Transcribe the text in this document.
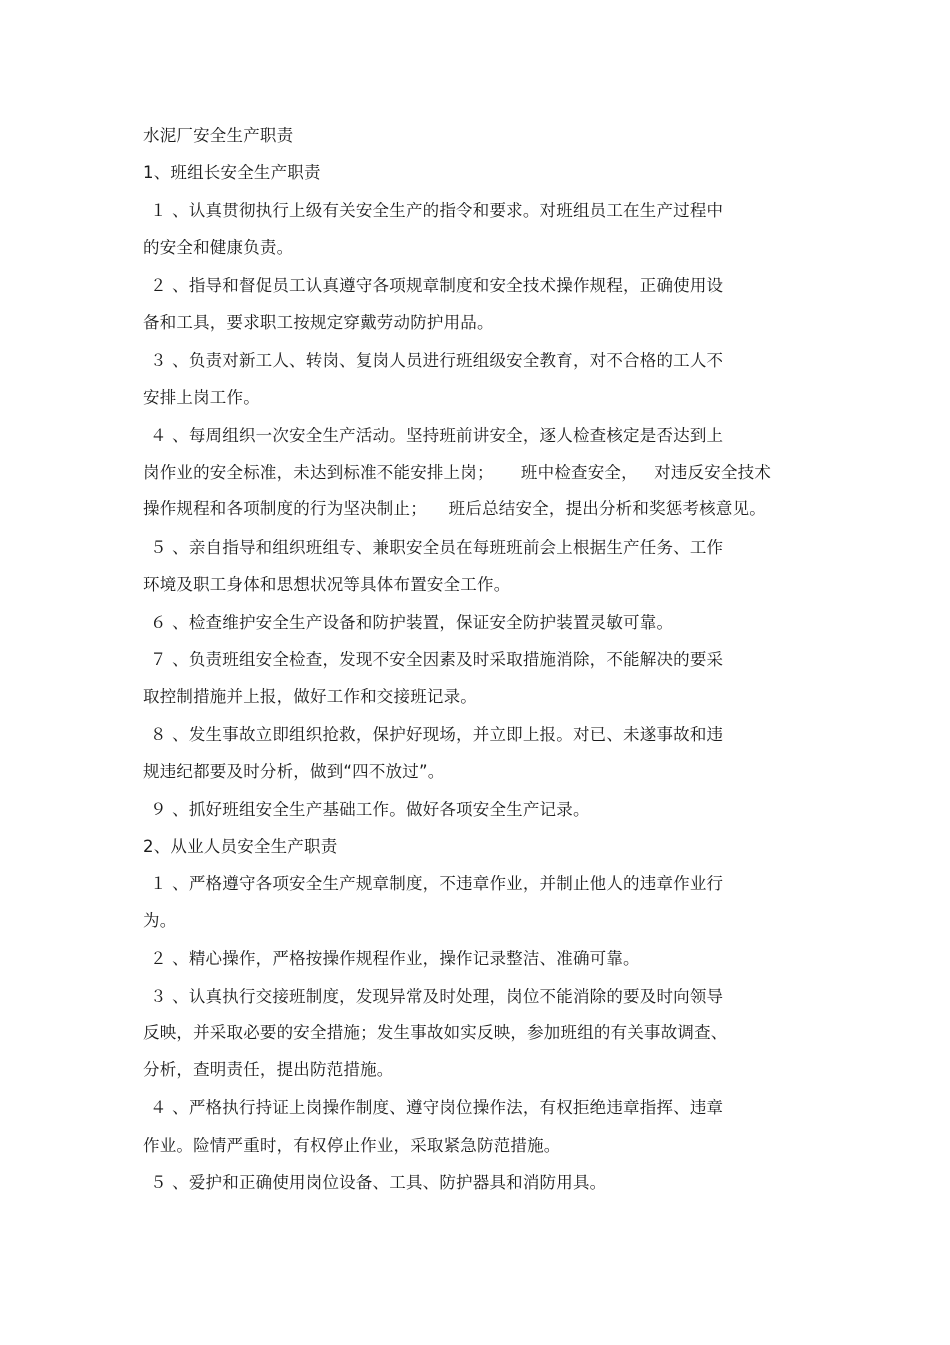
水泥厂安全生产职责
1、班组长安全生产职责
１ 、认真贯彻执行上级有关安全生产的指令和要求。对班组员工在生产过程中
的安全和健康负责。
２ 、指导和督促员工认真遵守各项规章制度和安全技术操作规程，正确使用设
备和工具，要求职工按规定穿戴劳动防护用品。
３ 、负责对新工人、转岗、复岗人员进行班组级安全教育，对不合格的工人不
安排上岗工作。
４ 、每周组织一次安全生产活动。坚持班前讲安全，逐人检查核定是否达到上
岗作业的安全标准，未达到标准不能安排上岗；     班中检查安全，   对违反安全技术
操作规程和各项制度的行为坚决制止；    班后总结安全，提出分析和奖惩考核意见。
５ 、亲自指导和组织班组专、兼职安全员在每班班前会上根据生产任务、工作
环境及职工身体和思想状况等具体布置安全工作。
６ 、检查维护安全生产设备和防护装置，保证安全防护装置灵敏可靠。
７ 、负责班组安全检查，发现不安全因素及时采取措施消除，不能解决的要采
取控制措施并上报，做好工作和交接班记录。
８ 、发生事故立即组织抢救，保护好现场，并立即上报。对已、未遂事故和违
规违纪都要及时分析，做到“四不放过”。
９ 、抓好班组安全生产基础工作。做好各项安全生产记录。
2、从业人员安全生产职责
１ 、严格遵守各项安全生产规章制度，不违章作业，并制止他人的违章作业行
为。
２ 、精心操作，严格按操作规程作业，操作记录整洁、准确可靠。
３ 、认真执行交接班制度，发现异常及时处理，岗位不能消除的要及时向领导
反映，并采取必要的安全措施；发生事故如实反映，参加班组的有关事故调查、
分析，查明责任，提出防范措施。
４ 、严格执行持证上岗操作制度、遵守岗位操作法，有权拒绝违章指挥、违章
作业。险情严重时，有权停止作业，采取紧急防范措施。
５ 、爱护和正确使用岗位设备、工具、防护器具和消防用具。
